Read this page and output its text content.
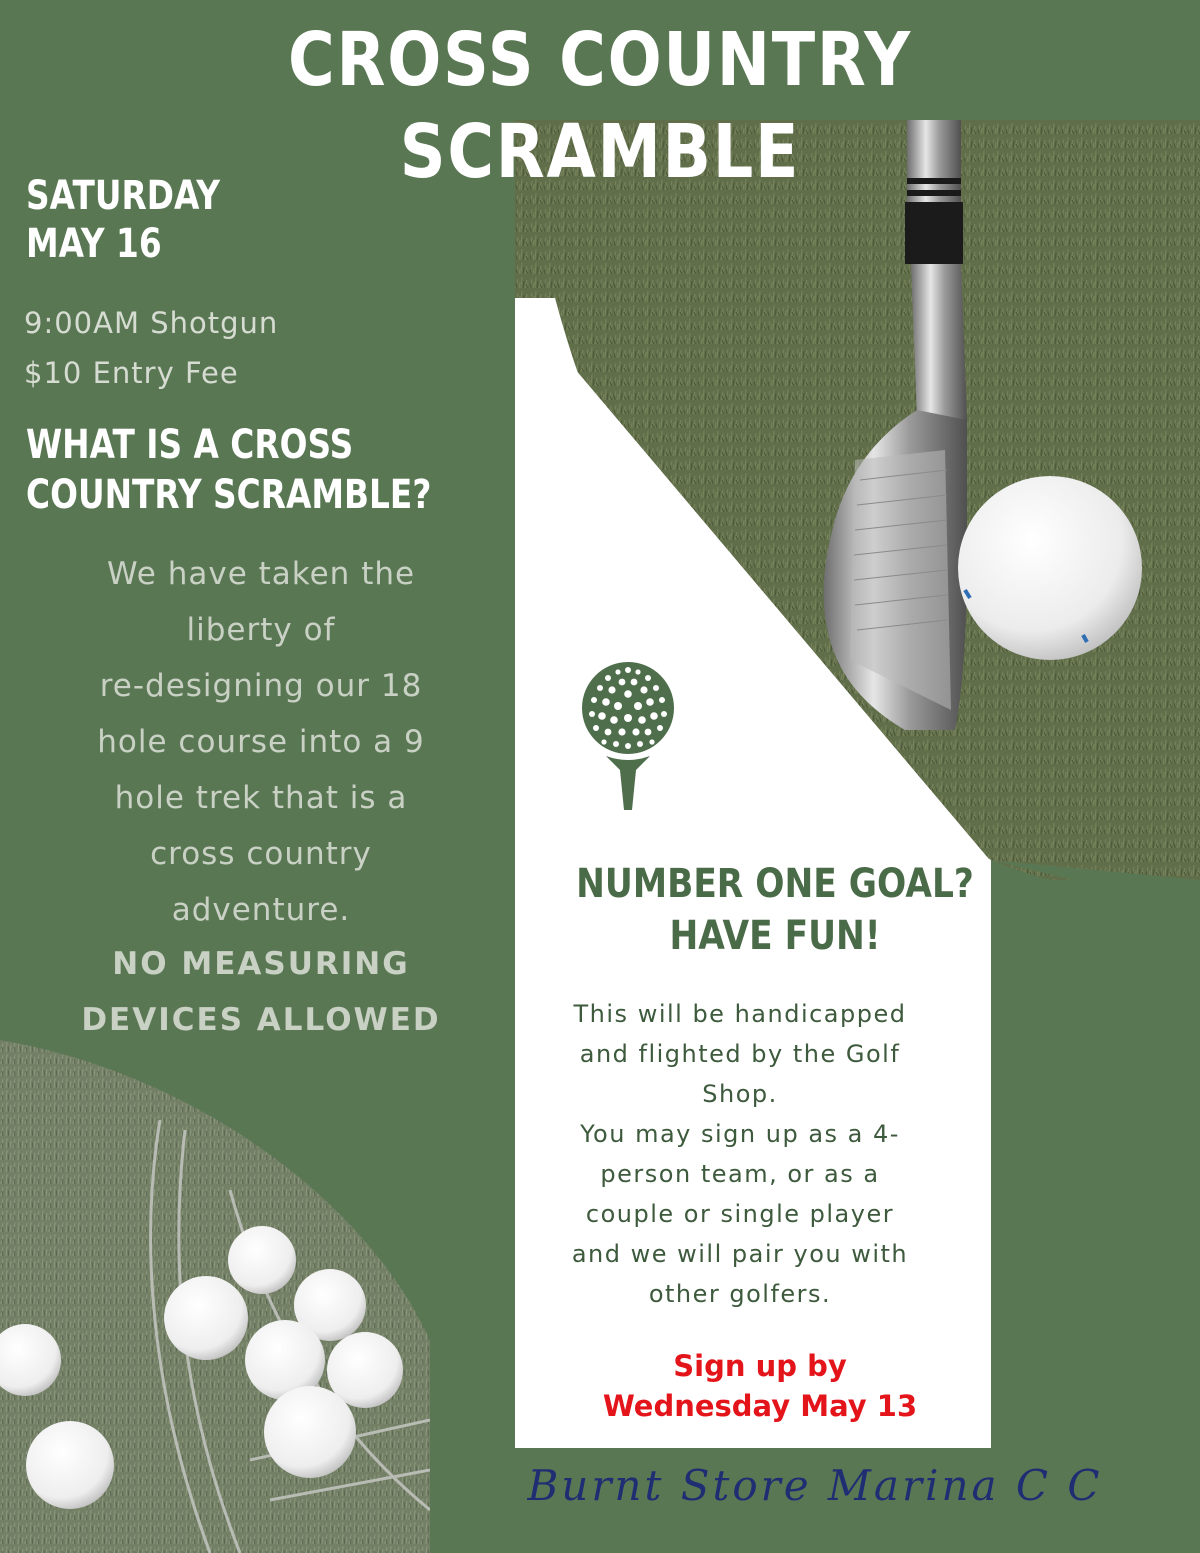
CROSS COUNTRY SCRAMBLE
SATURDAY
MAY 16
9:00AM Shotgun
$10 Entry Fee
WHAT IS A CROSS
COUNTRY SCRAMBLE?
We have taken the
liberty of
re-designing our 18
hole course into a 9
hole trek that is a
cross country
adventure.
NO MEASURING
DEVICES ALLOWED
NUMBER ONE GOAL?
HAVE FUN!
This will be handicapped
and flighted by the Golf
Shop.
You may sign up as a 4-
person team, or as a
couple or single player
and we will pair you with
other golfers.
Sign up by
Wednesday May 13
Burnt Store Marina C C
